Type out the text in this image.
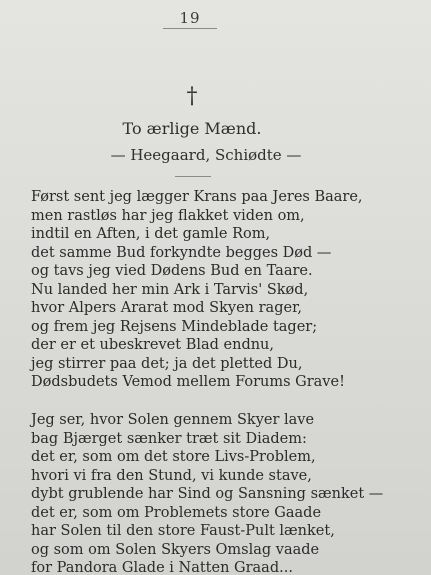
19
†
To ærlige Mænd.
— Heegaard, Schiødte —
Først sent jeg lægger Krans paa Jeres Baare,
men rastløs har jeg flakket viden om,
indtil en Aften, i det gamle Rom,
det samme Bud forkyndte begges Død —
og tavs jeg vied Dødens Bud en Taare.
Nu landed her min Ark i Tarvis' Skød,
hvor Alpers Ararat mod Skyen rager,
og frem jeg Rejsens Mindeblade tager;
der er et ubeskrevet Blad endnu,
jeg stirrer paa det; ja det pletted Du,
Dødsbudets Vemod mellem Forums Grave!
Jeg ser, hvor Solen gennem Skyer lave
bag Bjærget sænker træt sit Diadem:
det er, som om det store Livs-Problem,
hvori vi fra den Stund, vi kunde stave,
dybt grublende har Sind og Sansning sænket —
det er, som om Problemets store Gaade
har Solen til den store Faust-Pult lænket,
og som om Solen Skyers Omslag vaade
for Pandora Glade i Natten Graad...
